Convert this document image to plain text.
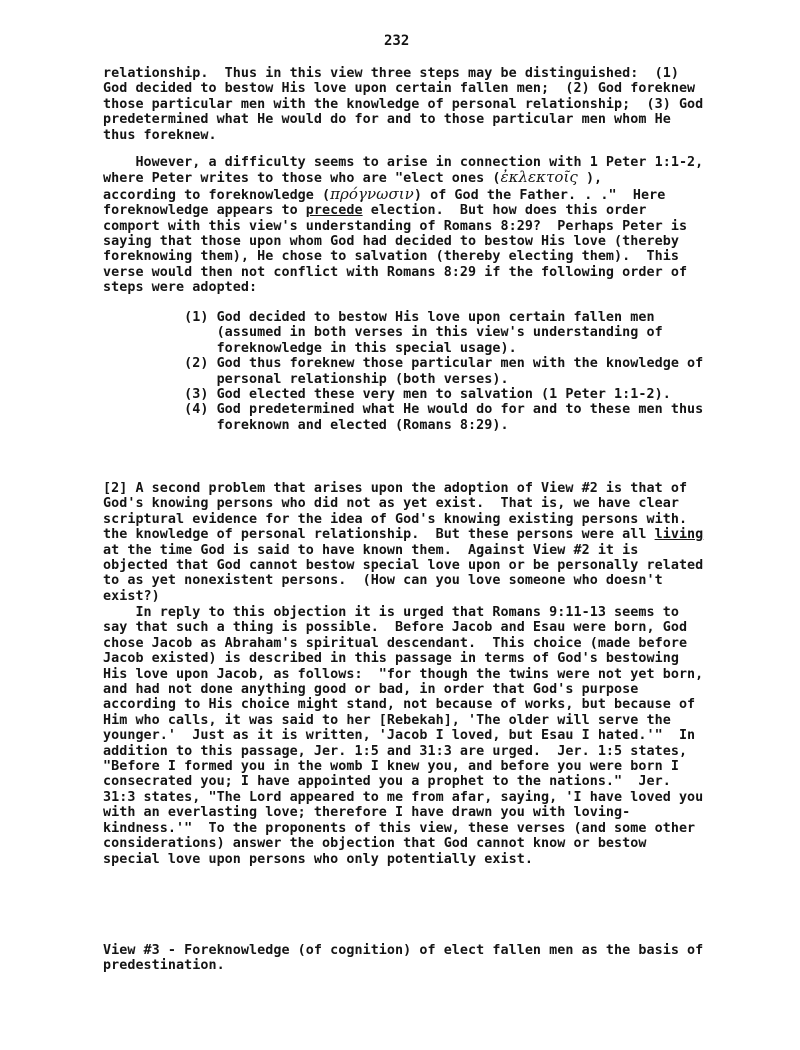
232
relationship.  Thus in this view three steps may be distinguished:  (1)
God decided to bestow His love upon certain fallen men;  (2) God foreknew
those particular men with the knowledge of personal relationship;  (3) God
predetermined what He would do for and to those particular men whom He
thus foreknew.
However, a difficulty seems to arise in connection with 1 Peter 1:1-2,
where Peter writes to those who are "elect ones (ἐκλεκτοῖς ),
according to foreknowledge (πρόγνωσιν) of God the Father. . ."  Here
foreknowledge appears to precede election.  But how does this order
comport with this view's understanding of Romans 8:29?  Perhaps Peter is
saying that those upon whom God had decided to bestow His love (thereby
foreknowing them), He chose to salvation (thereby electing them).  This
verse would then not conflict with Romans 8:29 if the following order of
steps were adopted:
(1) God decided to bestow His love upon certain fallen men
(assumed in both verses in this view's understanding of
foreknowledge in this special usage).
(2) God thus foreknew those particular men with the knowledge of
personal relationship (both verses).
(3) God elected these very men to salvation (1 Peter 1:1-2).
(4) God predetermined what He would do for and to these men thus
foreknown and elected (Romans 8:29).
[2] A second problem that arises upon the adoption of View #2 is that of
God's knowing persons who did not as yet exist.  That is, we have clear
scriptural evidence for the idea of God's knowing existing persons with.
the knowledge of personal relationship.  But these persons were all living
at the time God is said to have known them.  Against View #2 it is
objected that God cannot bestow special love upon or be personally related
to as yet nonexistent persons.  (How can you love someone who doesn't
exist?)
In reply to this objection it is urged that Romans 9:11-13 seems to
say that such a thing is possible.  Before Jacob and Esau were born, God
chose Jacob as Abraham's spiritual descendant.  This choice (made before
Jacob existed) is described in this passage in terms of God's bestowing
His love upon Jacob, as follows:  "for though the twins were not yet born,
and had not done anything good or bad, in order that God's purpose
according to His choice might stand, not because of works, but because of
Him who calls, it was said to her [Rebekah], 'The older will serve the
younger.'  Just as it is written, 'Jacob I loved, but Esau I hated.'"  In
addition to this passage, Jer. 1:5 and 31:3 are urged.  Jer. 1:5 states,
"Before I formed you in the womb I knew you, and before you were born I
consecrated you; I have appointed you a prophet to the nations."  Jer.
31:3 states, "The Lord appeared to me from afar, saying, 'I have loved you
with an everlasting love; therefore I have drawn you with loving-
kindness.'"  To the proponents of this view, these verses (and some other
considerations) answer the objection that God cannot know or bestow
special love upon persons who only potentially exist.
View #3 - Foreknowledge (of cognition) of elect fallen men as the basis of
predestination.
